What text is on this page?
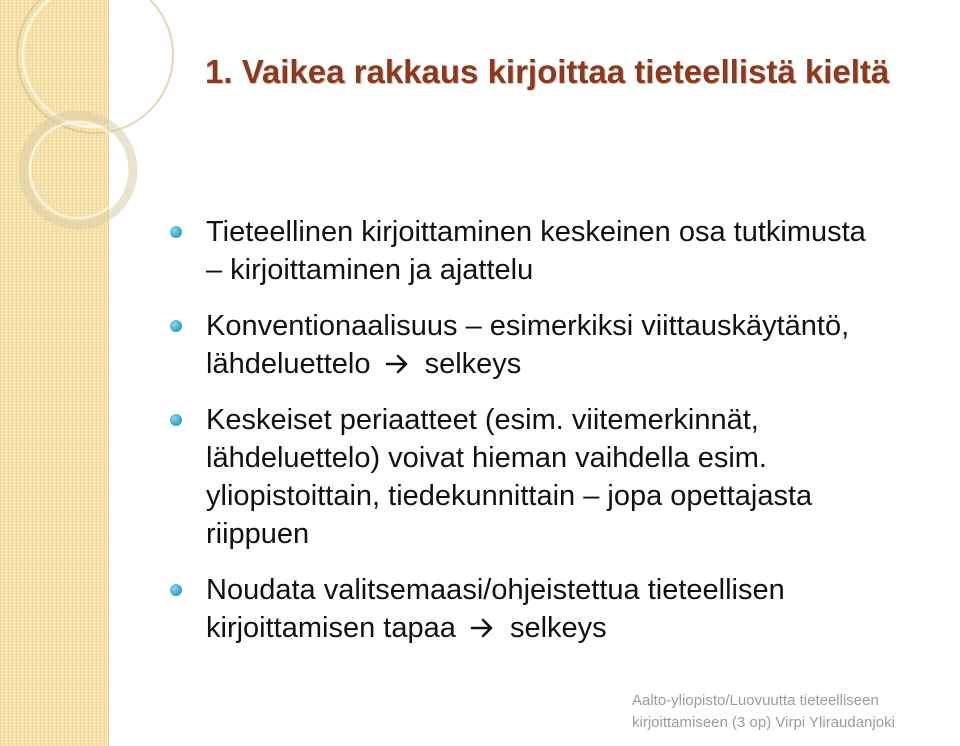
1. Vaikea rakkaus kirjoittaa tieteellistä kieltä
Tieteellinen kirjoittaminen keskeinen osa tutkimusta
– kirjoittaminen ja ajattelu
Konventionaalisuus – esimerkiksi viittauskäytäntö,
lähdeluettelo selkeys
Keskeiset periaatteet (esim. viitemerkinnät,
lähdeluettelo) voivat hieman vaihdella esim.
yliopistoittain, tiedekunnittain – jopa opettajasta
riippuen
Noudata valitsemaasi/ohjeistettua tieteellisen
kirjoittamisen tapaa selkeys
Aalto-yliopisto/Luovuutta tieteelliseen
kirjoittamiseen (3 op) Virpi Yliraudanjoki
